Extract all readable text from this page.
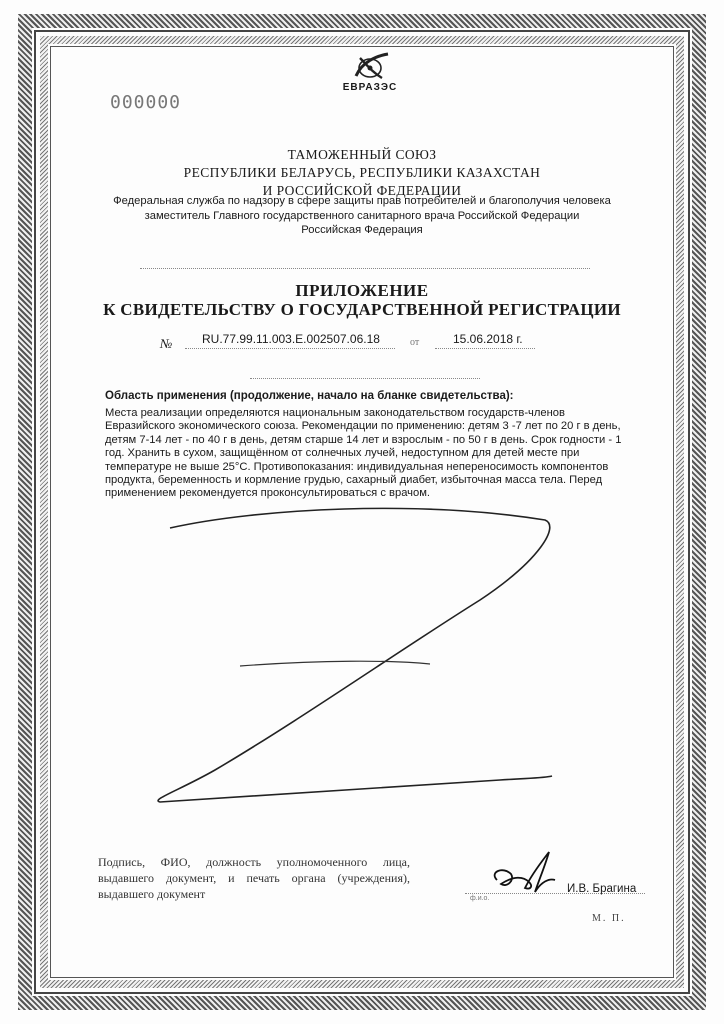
ЕВРАЗЭС
000000
ТАМОЖЕННЫЙ СОЮЗ
РЕСПУБЛИКИ БЕЛАРУСЬ, РЕСПУБЛИКИ КАЗАХСТАН
И РОССИЙСКОЙ ФЕДЕРАЦИИ
Федеральная служба по надзору в сфере защиты прав потребителей и благополучия человека
заместитель Главного государственного санитарного врача Российской Федерации
Российская Федерация
ПРИЛОЖЕНИЕ
К СВИДЕТЕЛЬСТВУ О ГОСУДАРСТВЕННОЙ РЕГИСТРАЦИИ
№ RU.77.99.11.003.E.002507.06.18	от	15.06.2018 г.
Область применения (продолжение, начало на бланке свидетельства):
Места реализации определяются национальным законодательством государств-членов Евразийского экономического союза. Рекомендации по применению: детям 3 -7 лет по 20 г в день, детям 7-14 лет - по 40 г в день, детям старше 14 лет и взрослым - по 50 г в день. Срок годности - 1 год. Хранить в сухом, защищённом от солнечных лучей, недоступном для детей месте при температуре не выше 25°С. Противопоказания: индивидуальная непереносимость компонентов продукта, беременность и кормление грудью, сахарный диабет, избыточная масса тела. Перед применением рекомендуется проконсультироваться с врачом.
Подпись, ФИО, должность уполномоченного лица, выдавшего документ, и печать органа (учреждения), выдавшего документ	И.В. Брагина
ф.и.о.
М. П.
